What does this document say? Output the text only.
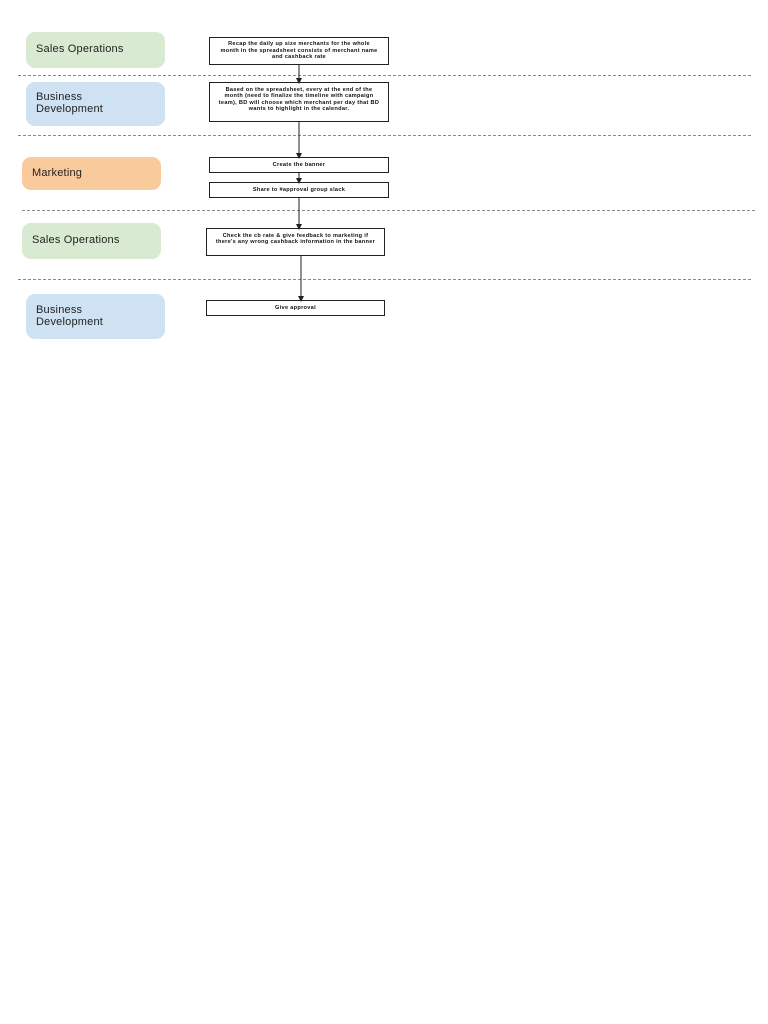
Sales Operations
Business
Development
Marketing
Sales Operations
Business
Development
Recap the daily up size merchants for the whole month in the spreadsheet consists of merchant name and cashback rate
Based on the spreadsheet, every at the end of the month (need to finalize the timeline with campaign team), BD will choose which merchant per day that BD wants to highlight in the calendar.
Create the banner
Share to #approval group slack
Check the cb rate & give feedback to marketing if there's any wrong cashback information in the banner
Give approval
